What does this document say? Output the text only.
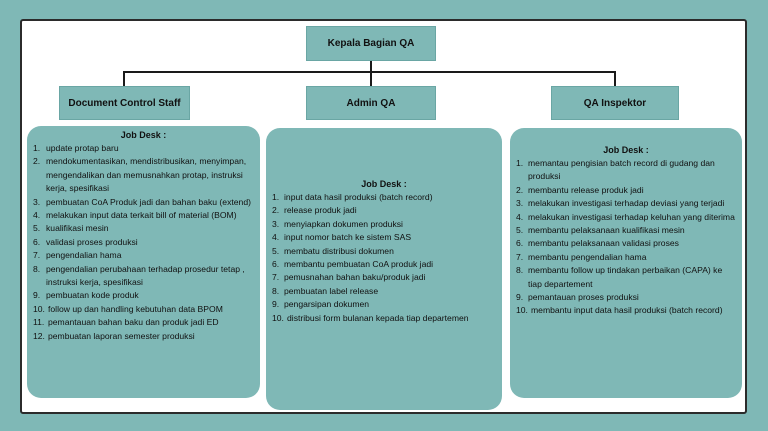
Kepala Bagian QA
Document Control Staff	Admin QA	QA Inspektor
Job Desk :
1. update protap baru
2. mendokumentasikan, mendistribusikan, menyimpan, mengendalikan dan memusnahkan protap, instruksi kerja, spesifikasi
3. pembuatan CoA Produk jadi dan bahan baku (extend)
4. melakukan input data terkait bill of material (BOM)
5. kualifikasi mesin
6. validasi proses produksi
7. pengendalian hama
8. pengendalian perubahaan terhadap prosedur tetap , instruksi kerja, spesifikasi
9. pembuatan kode produk
10. follow up dan handling kebutuhan data BPOM
11. pemantauan bahan baku dan produk jadi ED
12. pembuatan laporan semester produksi
Job Desk :
1. input data hasil produksi (batch record)
2. release produk jadi
3. menyiapkan dokumen produksi
4. input nomor batch ke sistem SAS
5. membatu distribusi dokumen
6. membantu pembuatan CoA produk jadi
7. pemusnahan bahan baku/produk jadi
8. pembuatan label release
9. pengarsipan dokumen
10. distribusi form bulanan kepada tiap departemen
Job Desk :
1. memantau pengisian batch record di gudang dan produksi
2. membantu release produk jadi
3. melakukan investigasi terhadap deviasi yang terjadi
4. melakukan investigasi terhadap keluhan yang diterima
5. membantu pelaksanaan kualifikasi mesin
6. membantu pelaksanaan validasi proses
7. membantu pengendalian hama
8. membantu follow up tindakan perbaikan (CAPA) ke tiap departement
9. pemantauan proses produksi
10. membantu input data hasil produksi (batch record)
